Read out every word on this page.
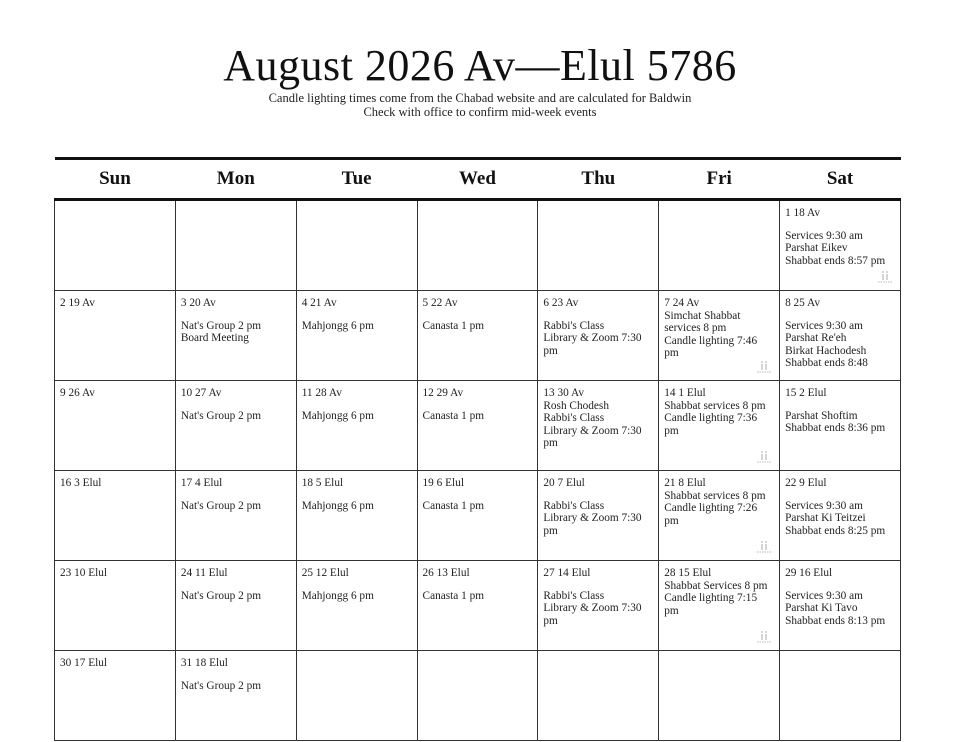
August 2026 Av—Elul 5786
Candle lighting times come from the Chabad website and are calculated for Baldwin
Check with office to confirm mid-week events
Sun	Mon	Tue	Wed	Thu	Fri	Sat

						1 18 Av
Services 9:30 am
Parshat Eikev
Shabbat ends 8:57 pm

2 19 Av	3 20 Av
Nat's Group 2 pm
Board Meeting	4 21 Av
Mahjongg 6 pm	5 22 Av
Canasta 1 pm	6 23 Av
Rabbi's Class
Library & Zoom 7:30 pm	7 24 Av
Simchat Shabbat
services 8 pm
Candle lighting 7:46 pm	8 25 Av
Services 9:30 am
Parshat Re'eh
Birkat Hachodesh
Shabbat ends 8:48

9 26 Av	10 27 Av
Nat's Group 2 pm	11 28 Av
Mahjongg 6 pm	12 29 Av
Canasta 1 pm	13 30 Av
Rosh Chodesh
Rabbi's Class
Library & Zoom 7:30 pm	14 1 Elul
Shabbat services 8 pm
Candle lighting 7:36 pm	15 2 Elul
Parshat Shoftim
Shabbat ends 8:36 pm

16 3 Elul	17 4 Elul
Nat's Group 2 pm	18 5 Elul
Mahjongg 6 pm	19 6 Elul
Canasta 1 pm	20 7 Elul
Rabbi's Class
Library & Zoom 7:30 pm	21 8 Elul
Shabbat services 8 pm
Candle lighting 7:26 pm	22 9 Elul
Services 9:30 am
Parshat Ki Teitzei
Shabbat ends 8:25 pm

23 10 Elul	24 11 Elul
Nat's Group 2 pm	25 12 Elul
Mahjongg 6 pm	26 13 Elul
Canasta 1 pm	27 14 Elul
Rabbi's Class
Library & Zoom 7:30 pm	28 15 Elul
Shabbat Services 8 pm
Candle lighting 7:15 pm	29 16 Elul
Services 9:30 am
Parshat Ki Tavo
Shabbat ends 8:13 pm

30 17 Elul	31 18 Elul
Nat's Group 2 pm					
